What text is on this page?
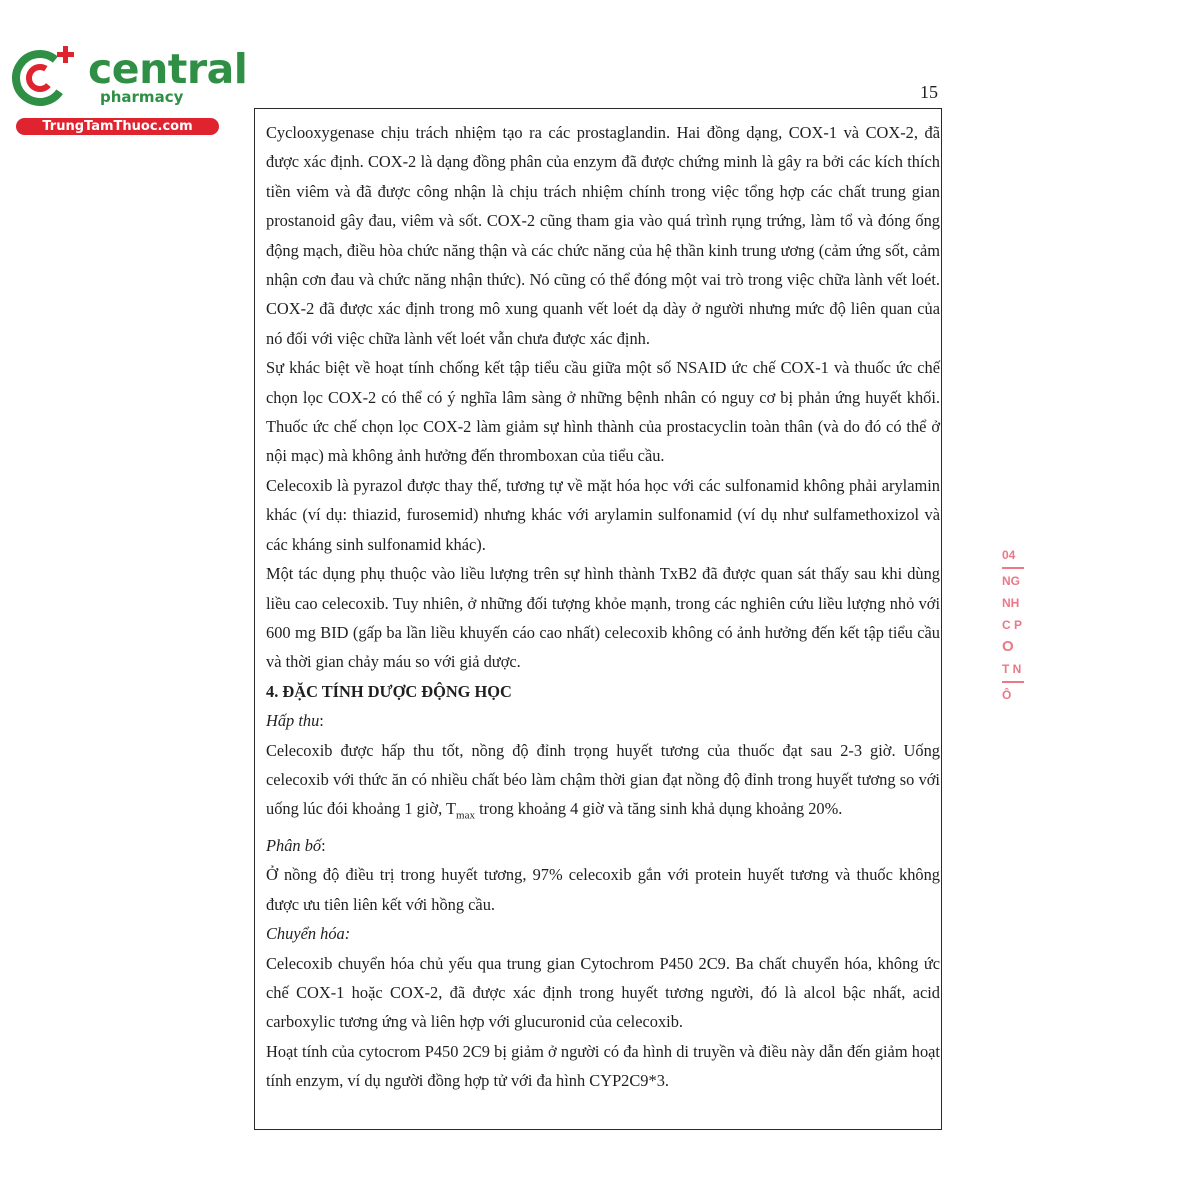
central
pharmacy
TrungTamThuoc.com
15

Cyclooxygenase chịu trách nhiệm tạo ra các prostaglandin. Hai đồng dạng, COX-1 và COX-2, đã được xác định. COX-2 là dạng đồng phân của enzym đã được chứng minh là gây ra bởi các kích thích tiền viêm và đã được công nhận là chịu trách nhiệm chính trong việc tổng hợp các chất trung gian prostanoid gây đau, viêm và sốt. COX-2 cũng tham gia vào quá trình rụng trứng, làm tổ và đóng ống động mạch, điều hòa chức năng thận và các chức năng của hệ thần kinh trung ương (cảm ứng sốt, cảm nhận cơn đau và chức năng nhận thức). Nó cũng có thể đóng một vai trò trong việc chữa lành vết loét. COX-2 đã được xác định trong mô xung quanh vết loét dạ dày ở người nhưng mức độ liên quan của nó đối với việc chữa lành vết loét vẫn chưa được xác định.

Sự khác biệt về hoạt tính chống kết tập tiểu cầu giữa một số NSAID ức chế COX-1 và thuốc ức chế chọn lọc COX-2 có thể có ý nghĩa lâm sàng ở những bệnh nhân có nguy cơ bị phản ứng huyết khối. Thuốc ức chế chọn lọc COX-2 làm giảm sự hình thành của prostacyclin toàn thân (và do đó có thể ở nội mạc) mà không ảnh hưởng đến thromboxan của tiểu cầu.

Celecoxib là pyrazol được thay thế, tương tự về mặt hóa học với các sulfonamid không phải arylamin khác (ví dụ: thiazid, furosemid) nhưng khác với arylamin sulfonamid (ví dụ như sulfamethoxizol và các kháng sinh sulfonamid khác).

Một tác dụng phụ thuộc vào liều lượng trên sự hình thành TxB2 đã được quan sát thấy sau khi dùng liều cao celecoxib. Tuy nhiên, ở những đối tượng khỏe mạnh, trong các nghiên cứu liều lượng nhỏ với 600 mg BID (gấp ba lần liều khuyến cáo cao nhất) celecoxib không có ảnh hưởng đến kết tập tiểu cầu và thời gian chảy máu so với giả dược.

4. ĐẶC TÍNH DƯỢC ĐỘNG HỌC

Hấp thu:

Celecoxib được hấp thu tốt, nồng độ đỉnh trọng huyết tương của thuốc đạt sau 2-3 giờ. Uống celecoxib với thức ăn có nhiều chất béo làm chậm thời gian đạt nồng độ đỉnh trong huyết tương so với uống lúc đói khoảng 1 giờ, $T_{max}$ trong khoảng 4 giờ và tăng sinh khả dụng khoảng 20%.

Phân bố:

Ở nồng độ điều trị trong huyết tương, 97% celecoxib gắn với protein huyết tương và thuốc không được ưu tiên liên kết với hồng cầu.

Chuyển hóa:

Celecoxib chuyển hóa chủ yếu qua trung gian Cytochrom P450 2C9. Ba chất chuyển hóa, không ức chế COX-1 hoặc COX-2, đã được xác định trong huyết tương người, đó là alcol bậc nhất, acid carboxylic tương ứng và liên hợp với glucuronid của celecoxib.

Hoạt tính của cytocrom P450 2C9 bị giảm ở người có đa hình di truyền và điều này dẫn đến giảm hoạt tính enzym, ví dụ người đồng hợp tử với đa hình CYP2C9*3.

04
NG
NH
C P
O
T N
Ô
